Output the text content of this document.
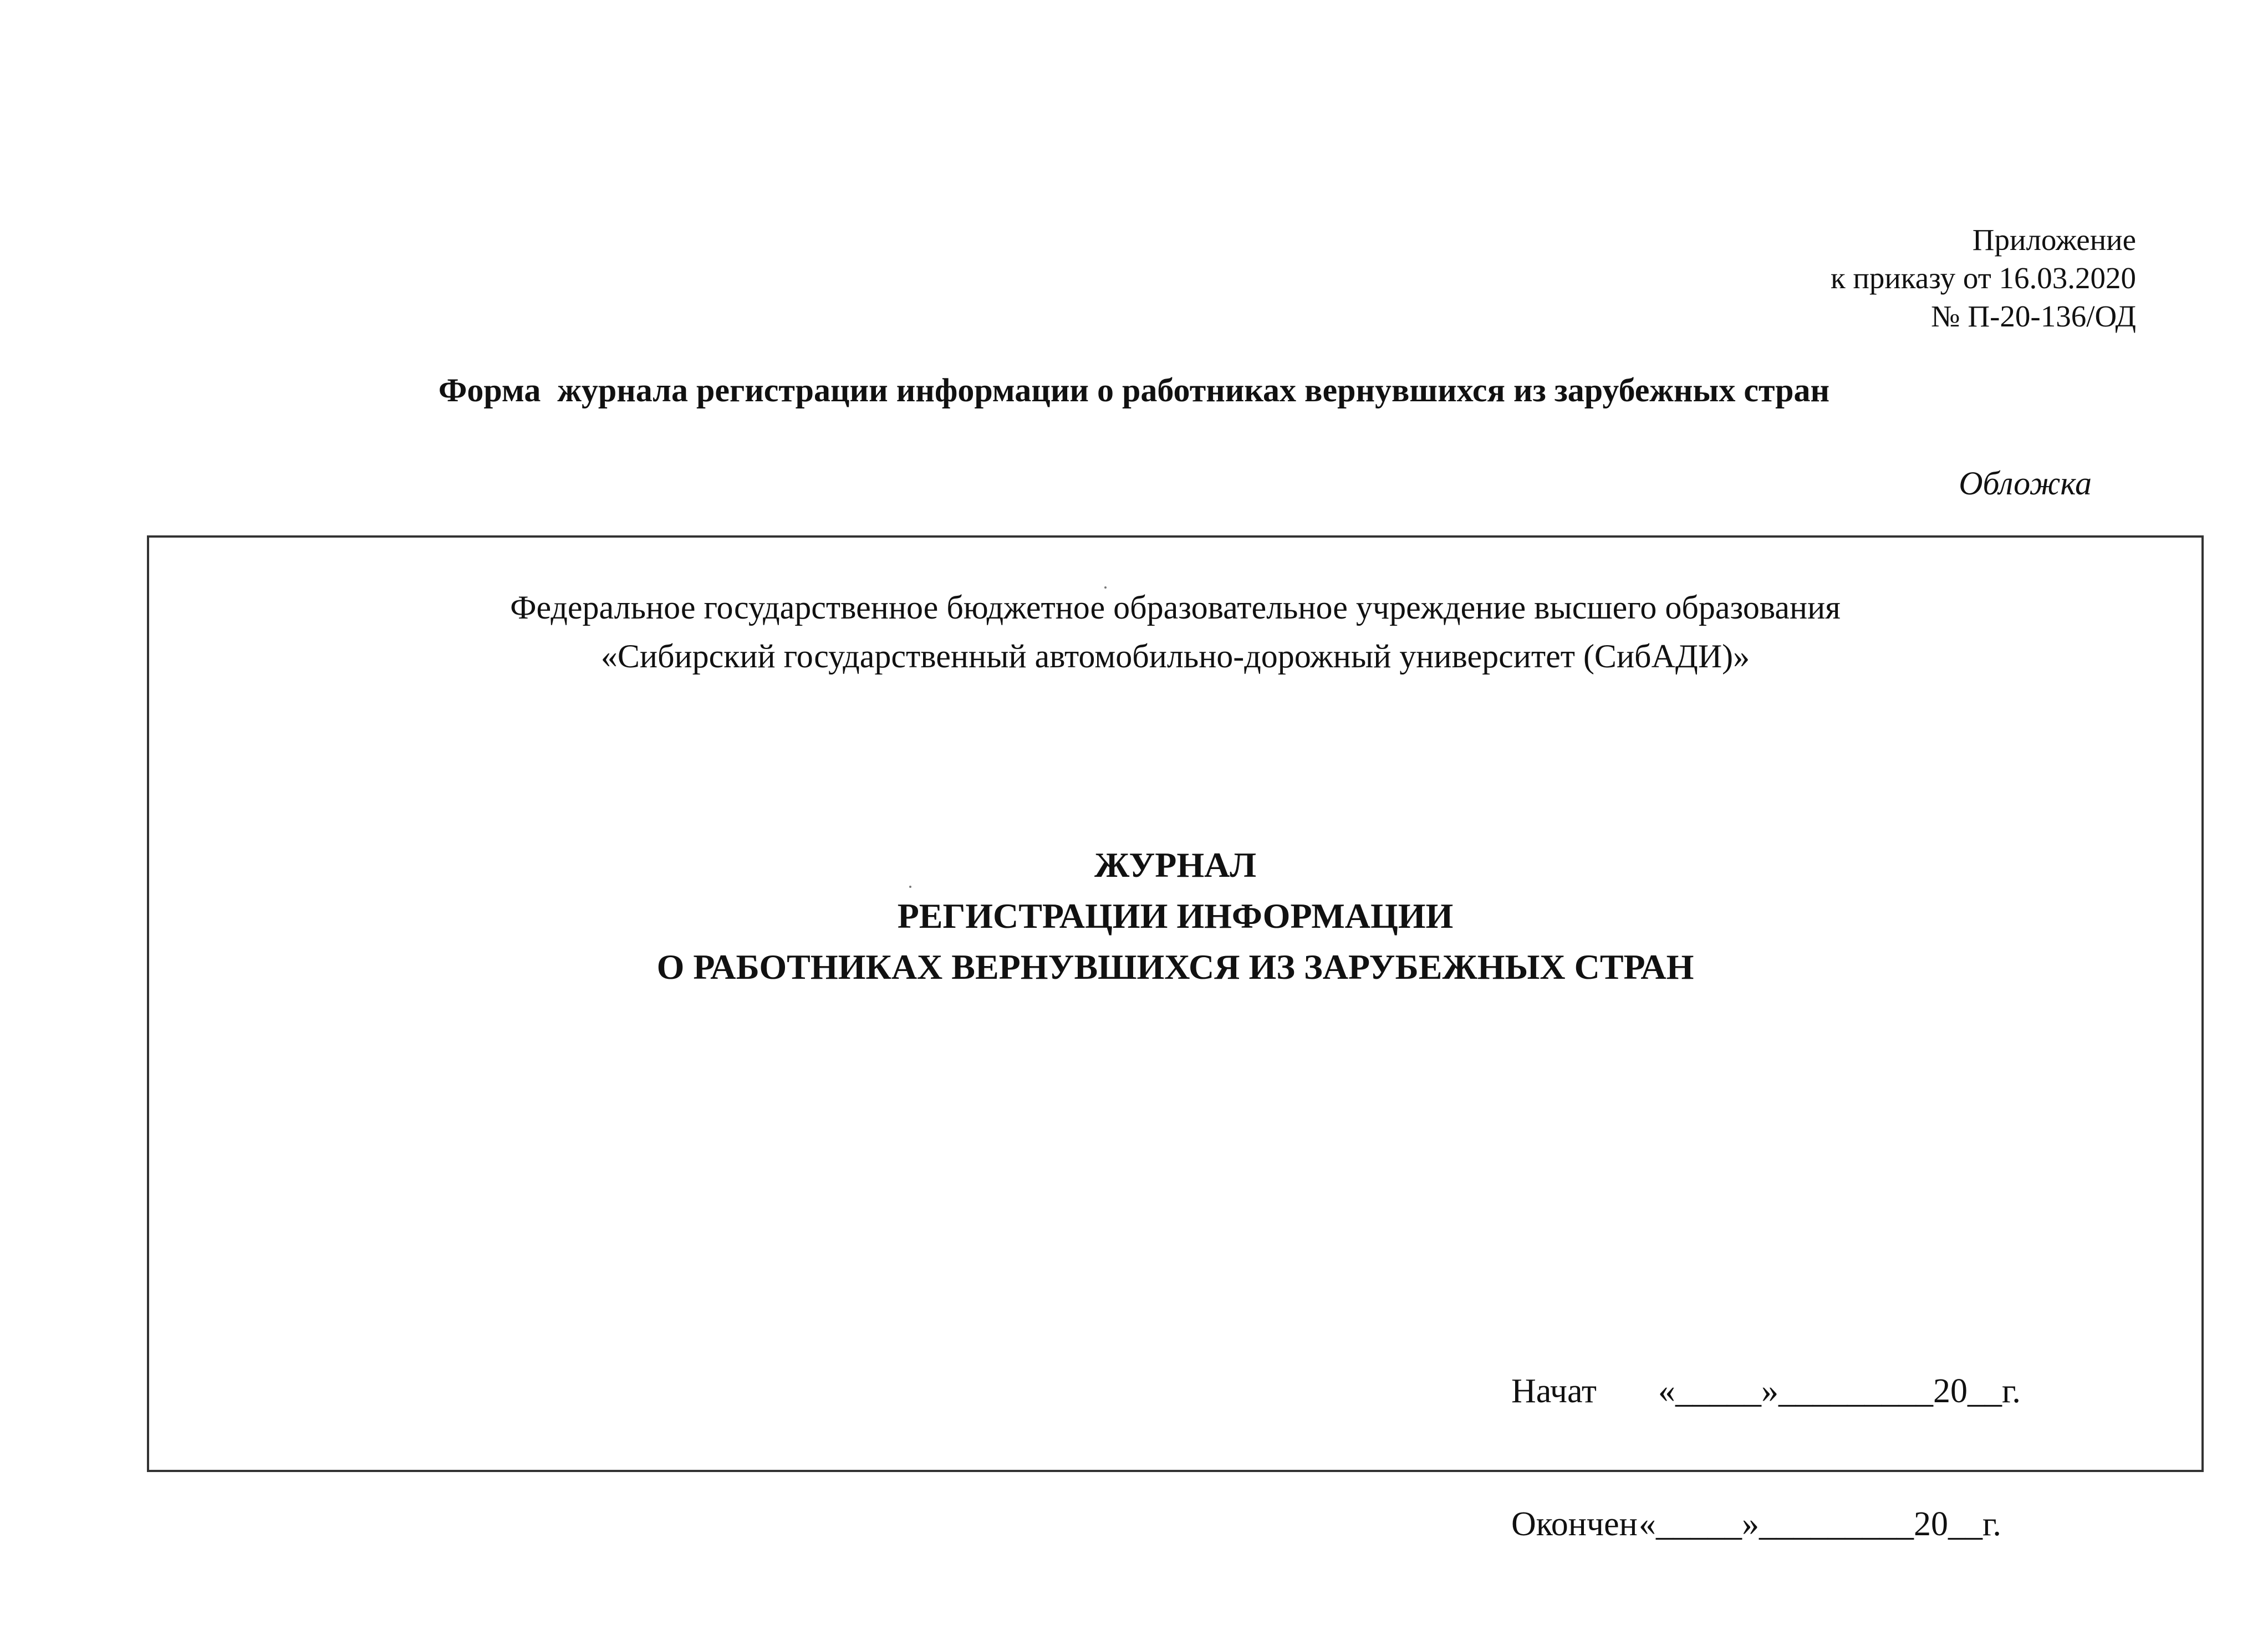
Приложение
к приказу от 16.03.2020
№ П-20-136/ОД
Форма  журнала регистрации информации о работниках вернувшихся из зарубежных стран
Обложка
Федеральное государственное бюджетное образовательное учреждение высшего образования
«Сибирский государственный автомобильно-дорожный университет (СибАДИ)»
ЖУРНАЛ
РЕГИСТРАЦИИ ИНФОРМАЦИИ
О РАБОТНИКАХ ВЕРНУВШИХСЯ ИЗ ЗАРУБЕЖНЫХ СТРАН

Начат «_____»_________20__г.

Окончен«_____»_________20__г.
